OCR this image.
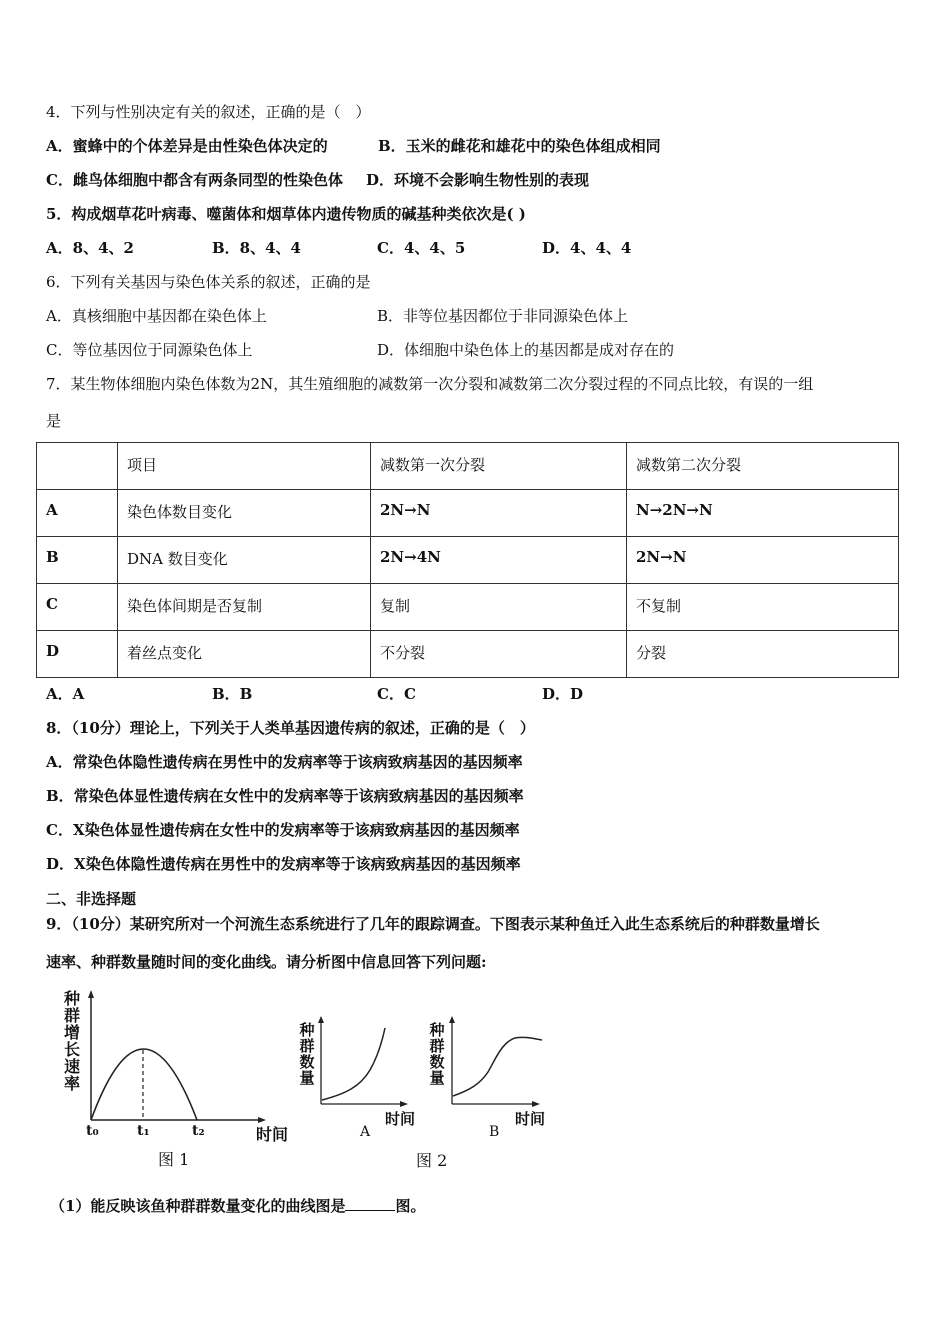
4．下列与性别决定有关的叙述，正确的是（　）
A．蜜蜂中的个体差异是由性染色体决定的	B．玉米的雌花和雄花中的染色体组成相同
C．雌鸟体细胞中都含有两条同型的性染色体 D．环境不会影响生物性别的表现
5．构成烟草花叶病毒、噬菌体和烟草体内遗传物质的碱基种类依次是( )
A．8、4、2	B．8、4、4	C．4、4、5	D．4、4、4
6．下列有关基因与染色体关系的叙述，正确的是
A．真核细胞中基因都在染色体上	B．非等位基因都位于非同源染色体上
C．等位基因位于同源染色体上	D．体细胞中染色体上的基因都是成对存在的
7．某生物体细胞内染色体数为2N，其生殖细胞的减数第一次分裂和减数第二次分裂过程的不同点比较，有误的一组
是

	项目	减数第一次分裂	减数第二次分裂

A	染色体数目变化	2N→N	N→2N→N

B	DNA 数目变化	2N→4N	2N→N

C	染色体间期是否复制	复制	不复制

D	着丝点变化	不分裂	分裂
A．A	B．B	C．C	D．D
8．（10分）理论上，下列关于人类单基因遗传病的叙述，正确的是（　）
A．常染色体隐性遗传病在男性中的发病率等于该病致病基因的基因频率
B．常染色体显性遗传病在女性中的发病率等于该病致病基因的基因频率
C．X染色体显性遗传病在女性中的发病率等于该病致病基因的基因频率
D．X染色体隐性遗传病在男性中的发病率等于该病致病基因的基因频率
二、非选择题
9．（10分）某研究所对一个河流生态系统进行了几年的跟踪调查。下图表示某种鱼迁入此生态系统后的种群数量增长
速率、种群数量随时间的变化曲线。请分析图中信息回答下列问题:
种
群
增
长
速
率
t₀	t₁	t₂	时间
图 1
种
群
数
量
种
群
数
量
时间	时间
A	B
图 2
（1）能反映该鱼种群群数量变化的曲线图是	图。
